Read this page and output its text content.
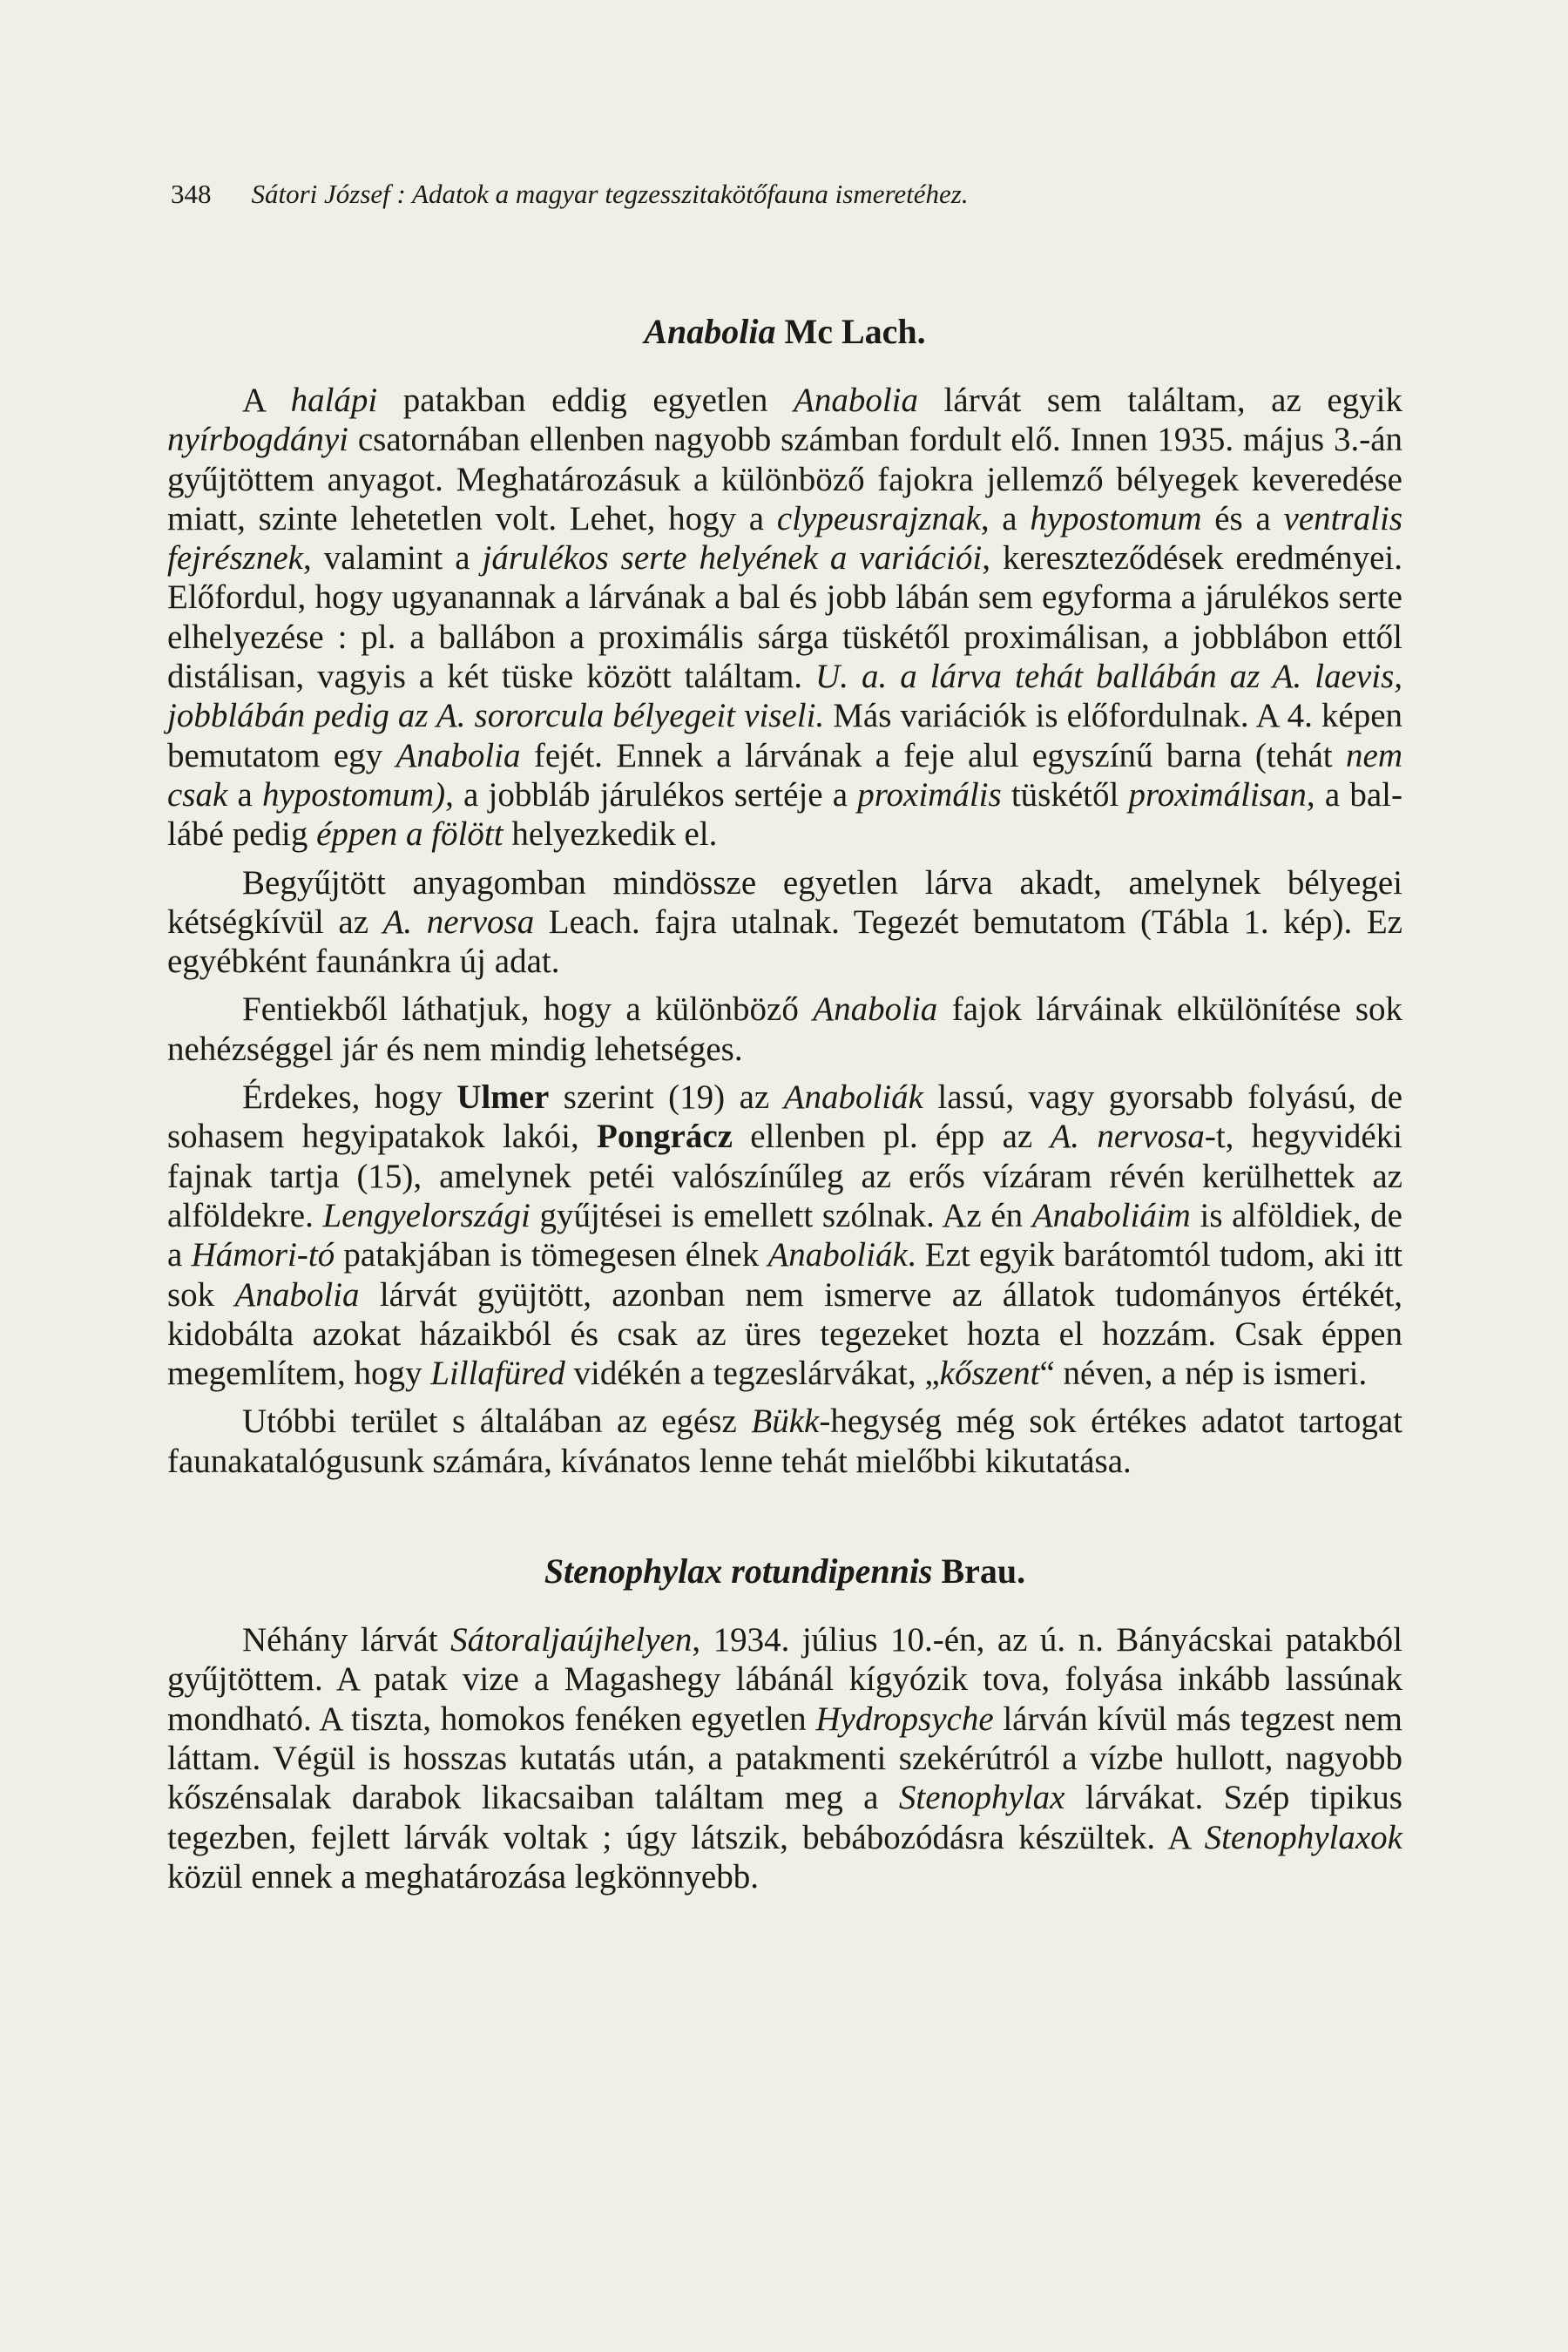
348 Sátori József : Adatok a magyar tegzesszitakötőfauna ismeretéhez.
Anabolia Mc Lach.

A halápi patakban eddig egyetlen Anabolia lárvát sem találtam, az egyik nyírbogdányi csatornában ellenben nagyobb számban fordult elő. Innen 1935. május 3.-án gyűjtöttem anyagot. Meghatározásuk a különböző fajokra jellemző bélyegek keveredése miatt, szinte lehetetlen volt. Lehet, hogy a clypeusrajznak, a hypostomum és a ventralis fejrésznek, valamint a járulékos serte helyének a variációi, kereszteződések eredményei. Előfordul, hogy ugyanannak a lárvának a bal és jobb lábán sem egyforma a járulékos serte elhelyezése : pl. a ballábon a proximális sárga tüskétől proximálisan, a jobblábon ettől distálisan, vagyis a két tüske között találtam. U. a. a lárva tehát ballábán az A. laevis, jobblábán pedig az A. sororcula bélyegeit viseli. Más variációk is előfordulnak. A 4. képen bemutatom egy Anabolia fejét. Ennek a lárvának a feje alul egyszínű barna (tehát nem csak a hypostomum), a jobbláb járulékos sertéje a proximális tüskétől proximálisan, a ballábé pedig éppen a fölött helyezkedik el.

Begyűjtött anyagomban mindössze egyetlen lárva akadt, amelynek bélyegei kétségkívül az A. nervosa Leach. fajra utalnak. Tegezét bemutatom (Tábla 1. kép). Ez egyébként faunánkra új adat.

Fentiekből láthatjuk, hogy a különböző Anabolia fajok lárváinak elkülönítése sok nehézséggel jár és nem mindig lehetséges.

Érdekes, hogy Ulmer szerint (19) az Anaboliák lassú, vagy gyorsabb folyású, de sohasem hegyipatakok lakói, Pongrácz ellenben pl. épp az A. nervosa-t, hegyvidéki fajnak tartja (15), amelynek petéi valószínűleg az erős vízáram révén kerülhettek az alföldekre. Lengyelországi gyűjtései is emellett szólnak. Az én Anaboliáim is alföldiek, de a Hámori-tó patakjában is tömegesen élnek Anaboliák. Ezt egyik barátomtól tudom, aki itt sok Anabolia lárvát gyüjtött, azonban nem ismerve az állatok tudományos értékét, kidobálta azokat házaikból és csak az üres tegezeket hozta el hozzám. Csak éppen megemlítem, hogy Lillafüred vidékén a tegzeslárvákat, „kőszent“ néven, a nép is ismeri.

Utóbbi terület s általában az egész Bükk-hegység még sok értékes adatot tartogat faunakatalógusunk számára, kívánatos lenne tehát mielőbbi kikutatása.

Stenophylax rotundipennis Brau.

Néhány lárvát Sátoraljaújhelyen, 1934. július 10.-én, az ú. n. Bányácskai patakból gyűjtöttem. A patak vize a Magashegy lábánál kígyózik tova, folyása inkább lassúnak mondható. A tiszta, homokos fenéken egyetlen Hydropsyche lárván kívül más tegzest nem láttam. Végül is hosszas kutatás után, a patakmenti szekérútról a vízbe hullott, nagyobb kőszénsalak darabok likacsaiban találtam meg a Stenophylax lárvákat. Szép tipikus tegezben, fejlett lárvák voltak ; úgy látszik, bebábozódásra készültek. A Stenophylaxok közül ennek a meghatározása legkönnyebb.
